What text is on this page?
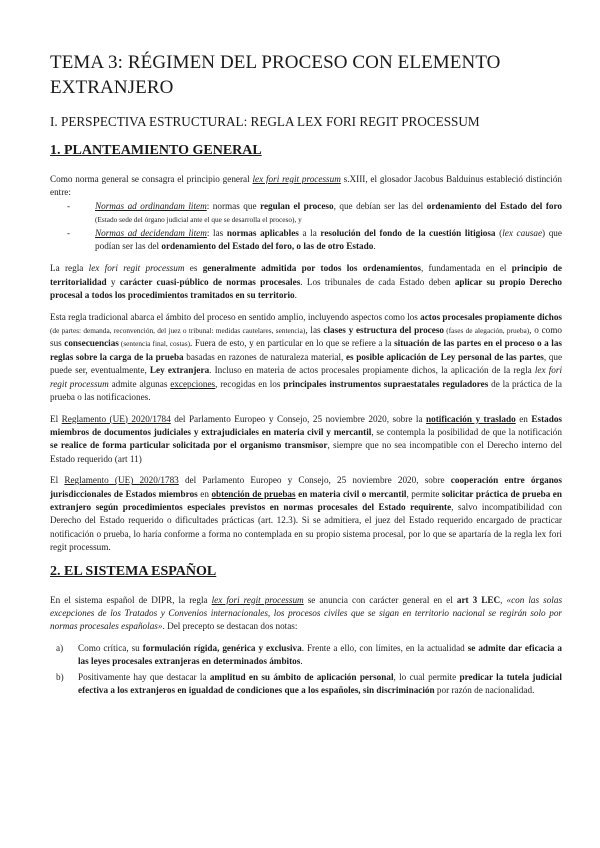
TEMA 3: RÉGIMEN DEL PROCESO CON ELEMENTO EXTRANJERO
I. PERSPECTIVA ESTRUCTURAL: REGLA LEX FORI REGIT PROCESSUM
1. PLANTEAMIENTO GENERAL

Como norma general se consagra el principio general lex fori regit processum s.XIII, el glosador Jacobus Balduinus estableció distinción entre:

-	Normas ad ordinandam litem: normas que regulan el proceso, que debían ser las del ordenamiento del Estado del foro (Estado sede del órgano judicial ante el que se desarrolla el proceso), y
-	Normas ad decidendam litem: las normas aplicables a la resolución del fondo de la cuestión litigiosa (lex causae) que podían ser las del ordenamiento del Estado del foro, o las de otro Estado.

La regla lex fori regit processum es generalmente admitida por todos los ordenamientos, fundamentada en el principio de territorialidad y carácter cuasi-público de normas procesales. Los tribunales de cada Estado deben aplicar su propio Derecho procesal a todos los procedimientos tramitados en su territorio.

Esta regla tradicional abarca el ámbito del proceso en sentido amplio, incluyendo aspectos como los actos procesales propiamente dichos (de partes: demanda, reconvención, del juez o tribunal: medidas cautelares, sentencia), las clases y estructura del proceso (fases de alegación, prueba), o como sus consecuencias (sentencia final, costas). Fuera de esto, y en particular en lo que se refiere a la situación de las partes en el proceso o a las reglas sobre la carga de la prueba basadas en razones de naturaleza material, es posible aplicación de Ley personal de las partes, que puede ser, eventualmente, Ley extranjera. Incluso en materia de actos procesales propiamente dichos, la aplicación de la regla lex fori regit processum admite algunas excepciones, recogidas en los principales instrumentos supraestatales reguladores de la práctica de la prueba o las notificaciones.

El Reglamento (UE) 2020/1784 del Parlamento Europeo y Consejo, 25 noviembre 2020, sobre la notificación y traslado en Estados miembros de documentos judiciales y extrajudiciales en materia civil y mercantil, se contempla la posibilidad de que la notificación se realice de forma particular solicitada por el organismo transmisor, siempre que no sea incompatible con el Derecho interno del Estado requerido (art 11)

El Reglamento (UE) 2020/1783 del Parlamento Europeo y Consejo, 25 noviembre 2020, sobre cooperación entre órganos jurisdiccionales de Estados miembros en obtención de pruebas en materia civil o mercantil, permite solicitar práctica de prueba en extranjero según procedimientos especiales previstos en normas procesales del Estado requirente, salvo incompatibilidad con Derecho del Estado requerido o dificultades prácticas (art. 12.3). Si se admitiera, el juez del Estado requerido encargado de practicar notificación o prueba, lo haría conforme a forma no contemplada en su propio sistema procesal, por lo que se apartaría de la regla lex fori regit processum.

2. EL SISTEMA ESPAÑOL

En el sistema español de DIPR, la regla lex fori regit processum se anuncia con carácter general en el art 3 LEC, «con las solas excepciones de los Tratados y Convenios internacionales, los procesos civiles que se sigan en territorio nacional se regirán solo por normas procesales españolas». Del precepto se destacan dos notas:

a) Como crítica, su formulación rígida, genérica y exclusiva. Frente a ello, con límites, en la actualidad se admite dar eficacia a las leyes procesales extranjeras en determinados ámbitos.
b) Positivamente hay que destacar la amplitud en su ámbito de aplicación personal, lo cual permite predicar la tutela judicial efectiva a los extranjeros en igualdad de condiciones que a los españoles, sin discriminación por razón de nacionalidad.
